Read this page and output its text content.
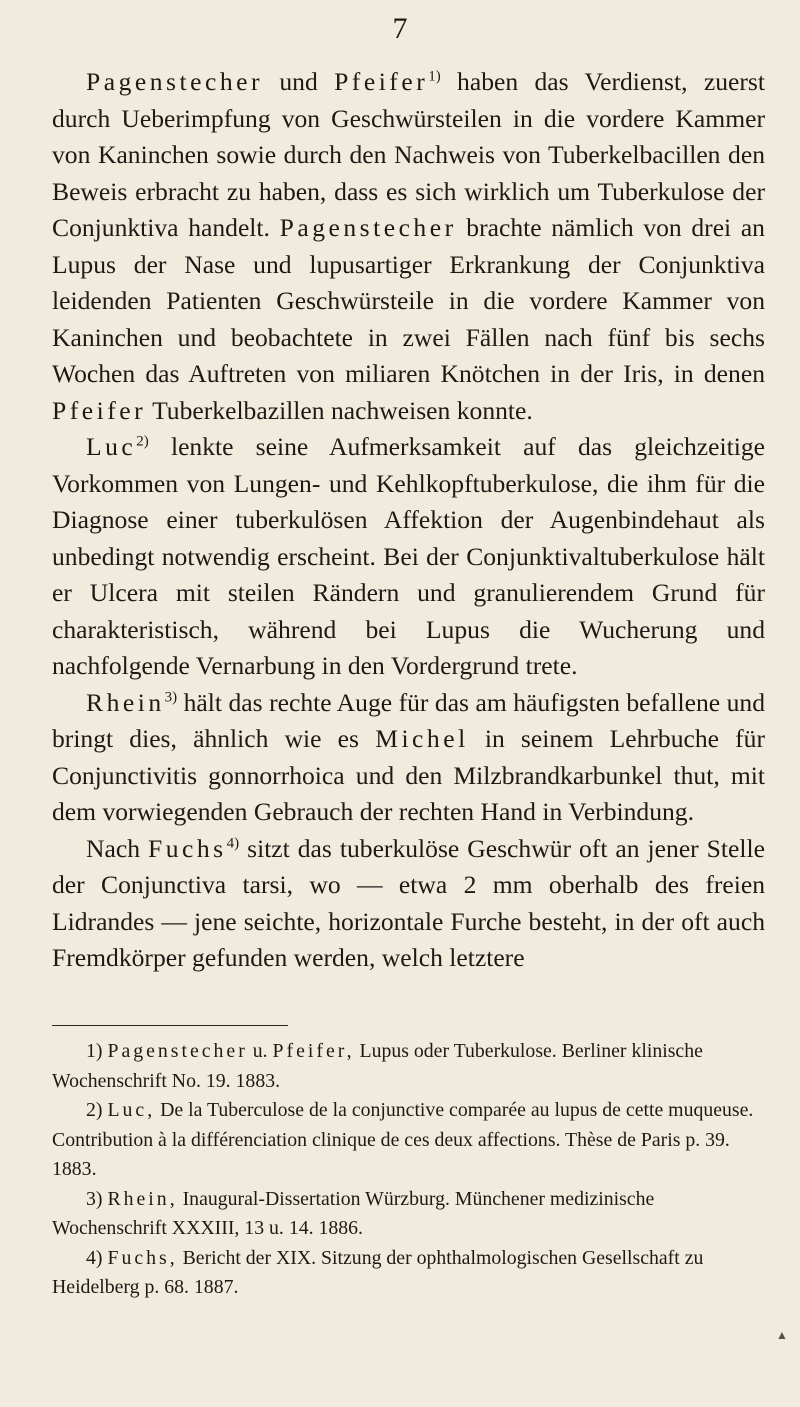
7

Pagenstecher und Pfeifer$^{1)}$ haben das Verdienst, zuerst durch Ueberimpfung von Geschwürsteilen in die vordere Kammer von Kaninchen sowie durch den Nachweis von Tuberkelbacillen den Beweis erbracht zu haben, dass es sich wirklich um Tuberkulose der Conjunktiva handelt. Pagenstecher brachte nämlich von drei an Lupus der Nase und lupusartiger Erkrankung der Conjunktiva leidenden Patienten Geschwürsteile in die vordere Kammer von Kaninchen und beobachtete in zwei Fällen nach fünf bis sechs Wochen das Auftreten von miliaren Knötchen in der Iris, in denen Pfeifer Tuberkelbazillen nachweisen konnte.

Luc$^{2)}$ lenkte seine Aufmerksamkeit auf das gleichzeitige Vorkommen von Lungen- und Kehlkopftuberkulose, die ihm für die Diagnose einer tuberkulösen Affektion der Augenbindehaut als unbedingt notwendig erscheint. Bei der Conjunktivaltuberkulose hält er Ulcera mit steilen Rändern und granulierendem Grund für charakteristisch, während bei Lupus die Wucherung und nachfolgende Vernarbung in den Vordergrund trete.

Rhein$^{3)}$ hält das rechte Auge für das am häufigsten befallene und bringt dies, ähnlich wie es Michel in seinem Lehrbuche für Conjunctivitis gonnorrhoica und den Milzbrandkarbunkel thut, mit dem vorwiegenden Gebrauch der rechten Hand in Verbindung.

Nach Fuchs$^{4)}$ sitzt das tuberkulöse Geschwür oft an jener Stelle der Conjunctiva tarsi, wo — etwa 2 mm oberhalb des freien Lidrandes — jene seichte, horizontale Furche besteht, in der oft auch Fremdkörper gefunden werden, welch letztere

1) Pagenstecher u. Pfeifer, Lupus oder Tuberkulose. Berliner klinische Wochenschrift No. 19. 1883.

2) Luc, De la Tuberculose de la conjunctive comparée au lupus de cette muqueuse. Contribution à la différenciation clinique de ces deux affections. Thèse de Paris p. 39. 1883.

3) Rhein, Inaugural-Dissertation Würzburg. Münchener medizinische Wochenschrift XXXIII, 13 u. 14. 1886.

4) Fuchs, Bericht der XIX. Sitzung der ophthalmologischen Gesellschaft zu Heidelberg p. 68. 1887.

▲
